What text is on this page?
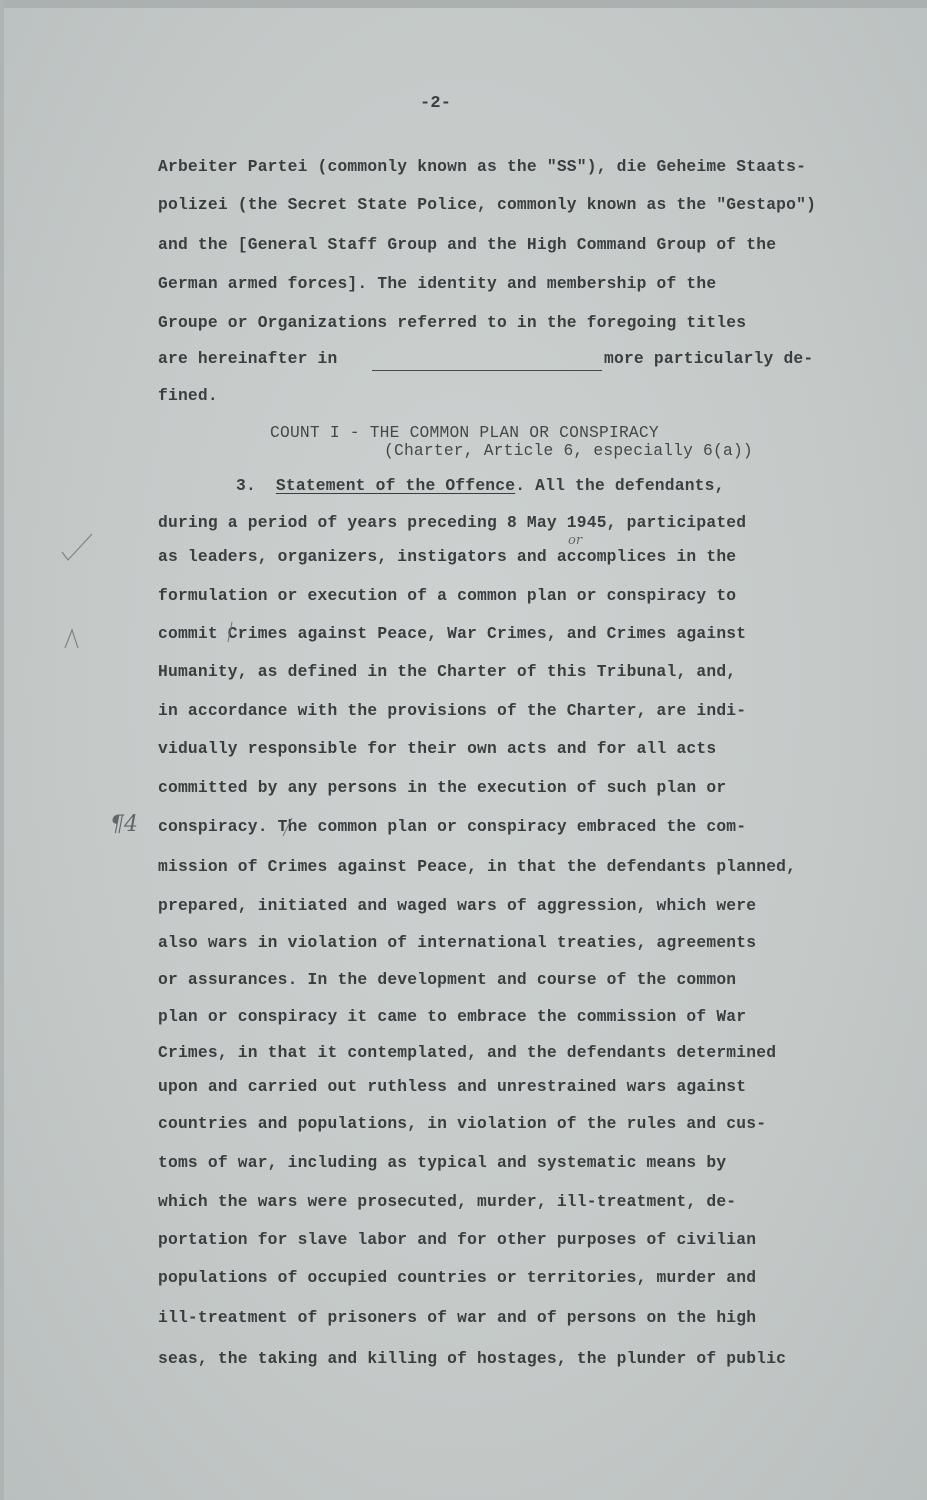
-2-
Arbeiter Partei (commonly known as the "SS"), die Geheime Staats-
polizei (the Secret State Police, commonly known as the "Gestapo")
and the [General Staff Group and the High Command Group of the
German armed forces]. The identity and membership of the
Groupe or Organizations referred to in the foregoing titles
are hereinafter in	more particularly de-
fined.
COUNT I - THE COMMON PLAN OR CONSPIRACY
(Charter, Article 6, especially 6(a))
3. Statement of the Offence. All the defendants,
during a period of years preceding 8 May 1945, participated
as leaders, organizers, instigators and accomplices in the
formulation or execution of a common plan or conspiracy to
commit Crimes against Peace, War Crimes, and Crimes against
Humanity, as defined in the Charter of this Tribunal, and,
in accordance with the provisions of the Charter, are indi-
vidually responsible for their own acts and for all acts
committed by any persons in the execution of such plan or
conspiracy. The common plan or conspiracy embraced the com-
mission of Crimes against Peace, in that the defendants planned,
prepared, initiated and waged wars of aggression, which were
also wars in violation of international treaties, agreements
or assurances. In the development and course of the common
plan or conspiracy it came to embrace the commission of War
Crimes, in that it contemplated, and the defendants determined
upon and carried out ruthless and unrestrained wars against
countries and populations, in violation of the rules and cus-
toms of war, including as typical and systematic means by
which the wars were prosecuted, murder, ill-treatment, de-
portation for slave labor and for other purposes of civilian
populations of occupied countries or territories, murder and
ill-treatment of prisoners of war and of persons on the high
seas, the taking and killing of hostages, the plunder of public
or
¶4
